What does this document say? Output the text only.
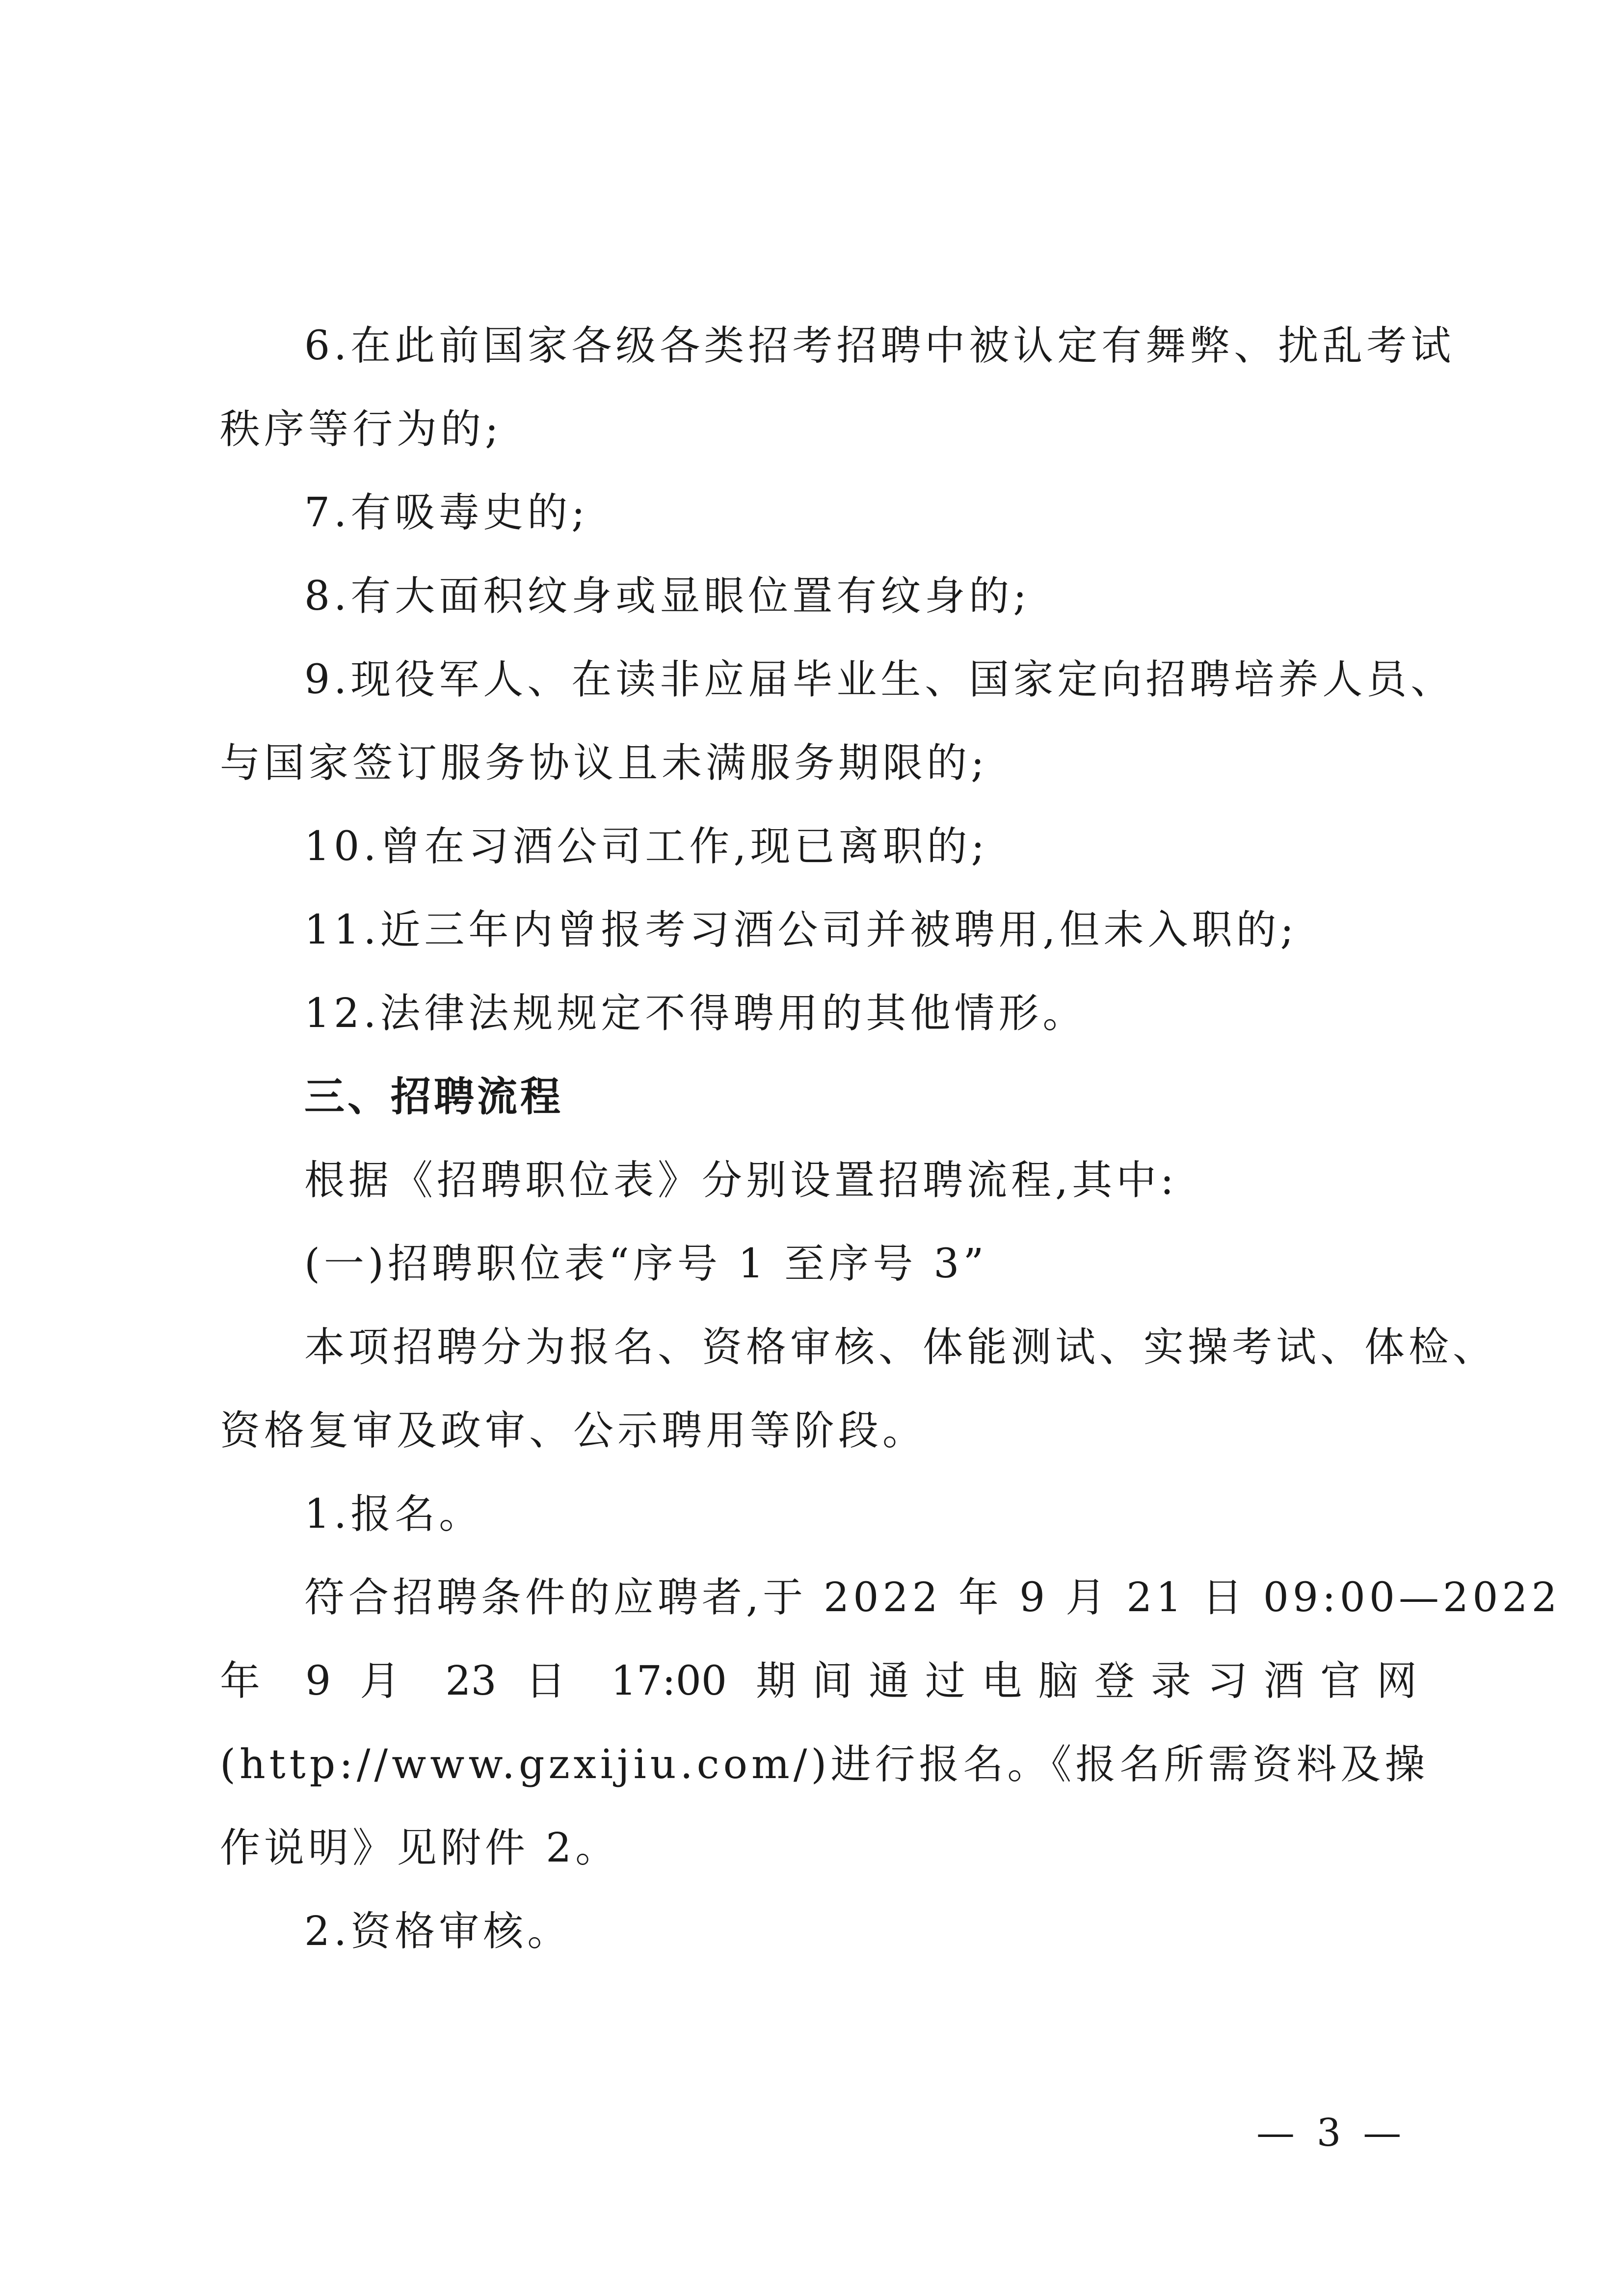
6.在此前国家各级各类招考招聘中被认定有舞弊、扰乱考试

秩序等行为的;

7.有吸毒史的;

8.有大面积纹身或显眼位置有纹身的;

9.现役军人、在读非应届毕业生、国家定向招聘培养人员、

与国家签订服务协议且未满服务期限的;

10.曾在习酒公司工作,现已离职的;

11.近三年内曾报考习酒公司并被聘用,但未入职的;

12.法律法规规定不得聘用的其他情形。

三、招聘流程

根据《招聘职位表》分别设置招聘流程,其中:

(一)招聘职位表“序号 1 至序号 3”

本项招聘分为报名、资格审核、体能测试、实操考试、体检、

资格复审及政审、公示聘用等阶段。

1.报名。

符合招聘条件的应聘者,于 2022 年 9 月 21 日 09:00—2022

年 9 月 23 日 17:00 期间通过电脑登录习酒官网

(http://www.gzxijiu.com/)进行报名。《报名所需资料及操

作说明》见附件 2。

2.资格审核。

— 3 —
